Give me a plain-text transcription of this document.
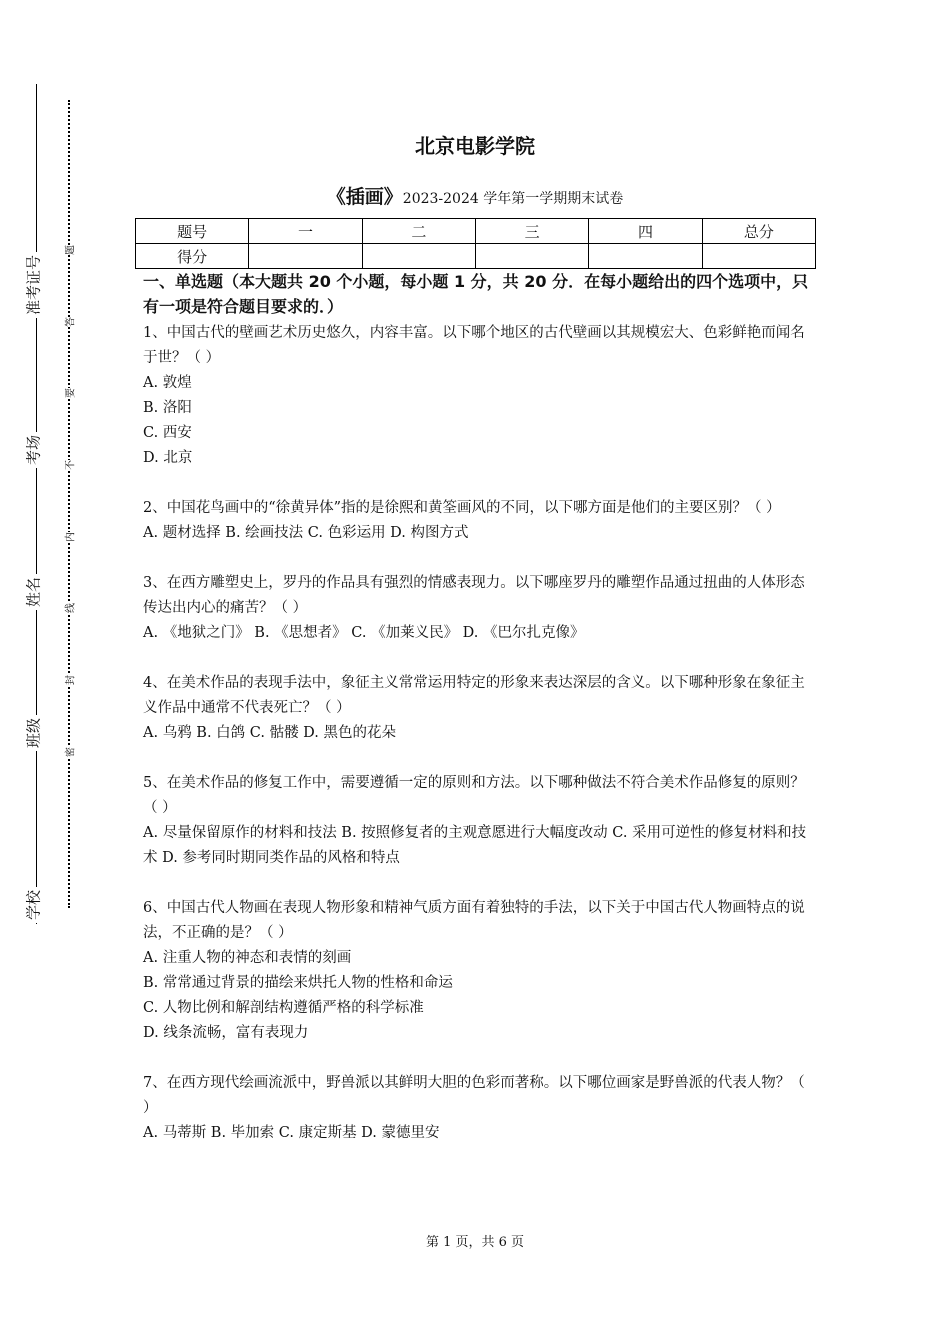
准考证号
考场
姓名
班级
学校
题
答
要
不
内
线
封
密
北京电影学院
《插画》2023-2024 学年第一学期期末试卷
题号	一	二	三	四	总分
得分					

一、单选题（本大题共 20 个小题，每小题 1 分，共 20 分．在每小题给出的四个选项中，只有一项是符合题目要求的．）

1、中国古代的壁画艺术历史悠久，内容丰富。以下哪个地区的古代壁画以其规模宏大、色彩鲜艳而闻名于世？（ ）

A. 敦煌

B. 洛阳

C. 西安

D. 北京

2、中国花鸟画中的“徐黄异体”指的是徐熙和黄筌画风的不同，以下哪方面是他们的主要区别？（ ）

A. 题材选择 B. 绘画技法 C. 色彩运用 D. 构图方式

3、在西方雕塑史上，罗丹的作品具有强烈的情感表现力。以下哪座罗丹的雕塑作品通过扭曲的人体形态传达出内心的痛苦？（ ）

A. 《地狱之门》 B. 《思想者》 C. 《加莱义民》 D. 《巴尔扎克像》

4、在美术作品的表现手法中，象征主义常常运用特定的形象来表达深层的含义。以下哪种形象在象征主义作品中通常不代表死亡？（ ）

A. 乌鸦 B. 白鸽 C. 骷髅 D. 黑色的花朵

5、在美术作品的修复工作中，需要遵循一定的原则和方法。以下哪种做法不符合美术作品修复的原则？（ ）

A. 尽量保留原作的材料和技法 B. 按照修复者的主观意愿进行大幅度改动 C. 采用可逆性的修复材料和技术 D. 参考同时期同类作品的风格和特点

6、中国古代人物画在表现人物形象和精神气质方面有着独特的手法，以下关于中国古代人物画特点的说法，不正确的是？（ ）

A. 注重人物的神态和表情的刻画

B. 常常通过背景的描绘来烘托人物的性格和命运

C. 人物比例和解剖结构遵循严格的科学标准

D. 线条流畅，富有表现力

7、在西方现代绘画流派中，野兽派以其鲜明大胆的色彩而著称。以下哪位画家是野兽派的代表人物？（ ）

A. 马蒂斯 B. 毕加索 C. 康定斯基 D. 蒙德里安

第 1 页，共 6 页
